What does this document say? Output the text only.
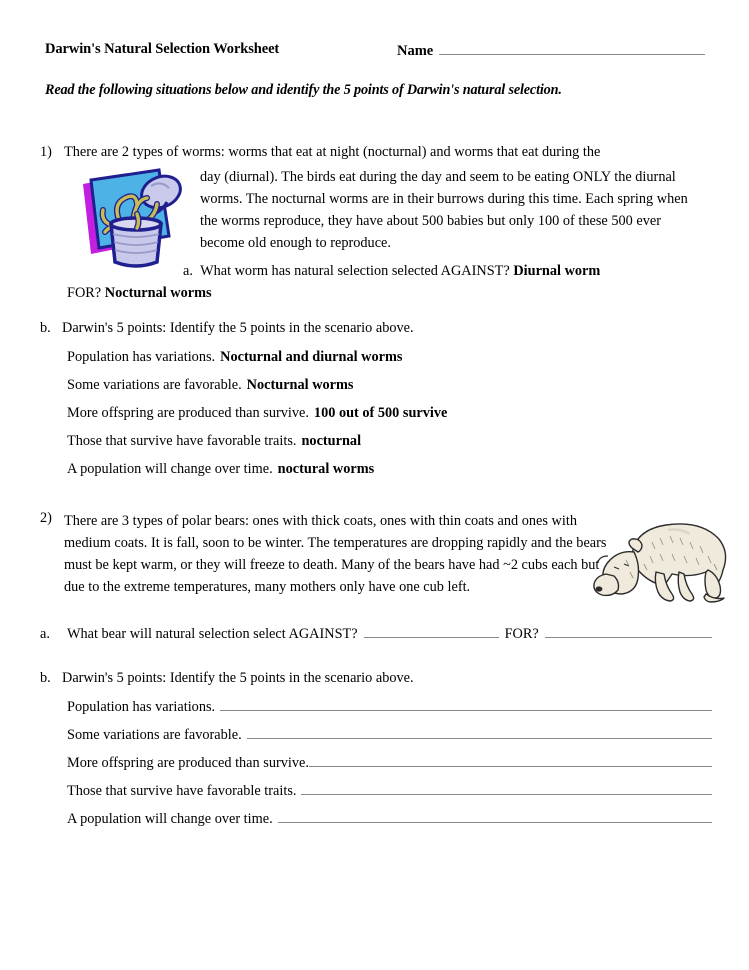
Darwin's Natural Selection Worksheet	Name
Read the following situations below and identify the 5 points of Darwin's natural selection.
1) There are 2 types of worms: worms that eat at night (nocturnal) and worms that eat during the
day (diurnal). The birds eat during the day and seem to be eating ONLY the diurnal worms. The nocturnal worms are in their burrows during this time. Each spring when the worms reproduce, they have about 500 babies but only 100 of these 500 ever become old enough to reproduce.
a. What worm has natural selection selected AGAINST? Diurnal worm
FOR? Nocturnal worms
b. Darwin's 5 points: Identify the 5 points in the scenario above.
Population has variations. Nocturnal and diurnal worms
Some variations are favorable. Nocturnal worms
More offspring are produced than survive. 100 out of 500 survive
Those that survive have favorable traits. nocturnal
A population will change over time. noctural worms
2) There are 3 types of polar bears: ones with thick coats, ones with thin coats and ones with medium coats. It is fall, soon to be winter. The temperatures are dropping rapidly and the bears must be kept warm, or they will freeze to death. Many of the bears have had ~2 cubs each but due to the extreme temperatures, many mothers only have one cub left.
a.	What bear will natural selection select AGAINST?	FOR?
b. Darwin's 5 points: Identify the 5 points in the scenario above.
Population has variations.
Some variations are favorable.
More offspring are produced than survive.
Those that survive have favorable traits.
A population will change over time.
